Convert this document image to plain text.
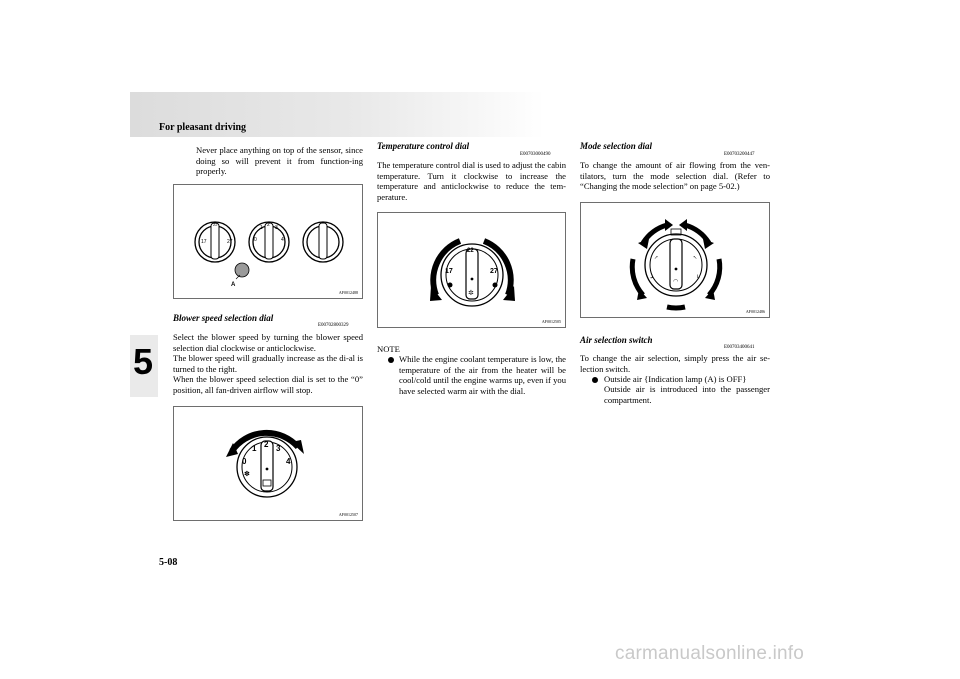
For pleasant driving
5
Never place anything on top of the sensor, since doing so will prevent it from function-ing properly.
17	27
22
0
1 2 3
4
A
AF0012488
Blower speed selection dial
E00702800329
Select the blower speed by turning the blower speed selection dial clockwise or anticlockwise.
The blower speed will gradually increase as the di-al is turned to the right.
When the blower speed selection dial is set to the “0” position, all fan-driven airflow will stop.
0
1 2 3
4
✽
AF0012507
Temperature control dial
E00703000490
The temperature control dial is used to adjust the cabin temperature. Turn it clockwise to increase the temperature and anticlockwise to reduce the tem-perature.
17	27
22
✲
AF0012505
NOTE
While the engine coolant temperature is low, the temperature of the air from the heater will be cool/cold until the engine warms up, even if you have selected warm air with the dial.
Mode selection dial
E00703200447
To change the amount of air flowing from the ven-tilators, turn the mode selection dial. (Refer to “Changing the mode selection” on page 5-02.)
↲	↳
↗	↖
◠
AF0012486
Air selection switch
E00703400641
To change the air selection, simply press the air se-lection switch.
Outside air {Indication lamp (A) is OFF}
Outside air is introduced into the passenger compartment.
5-08
carmanualsonline.info
